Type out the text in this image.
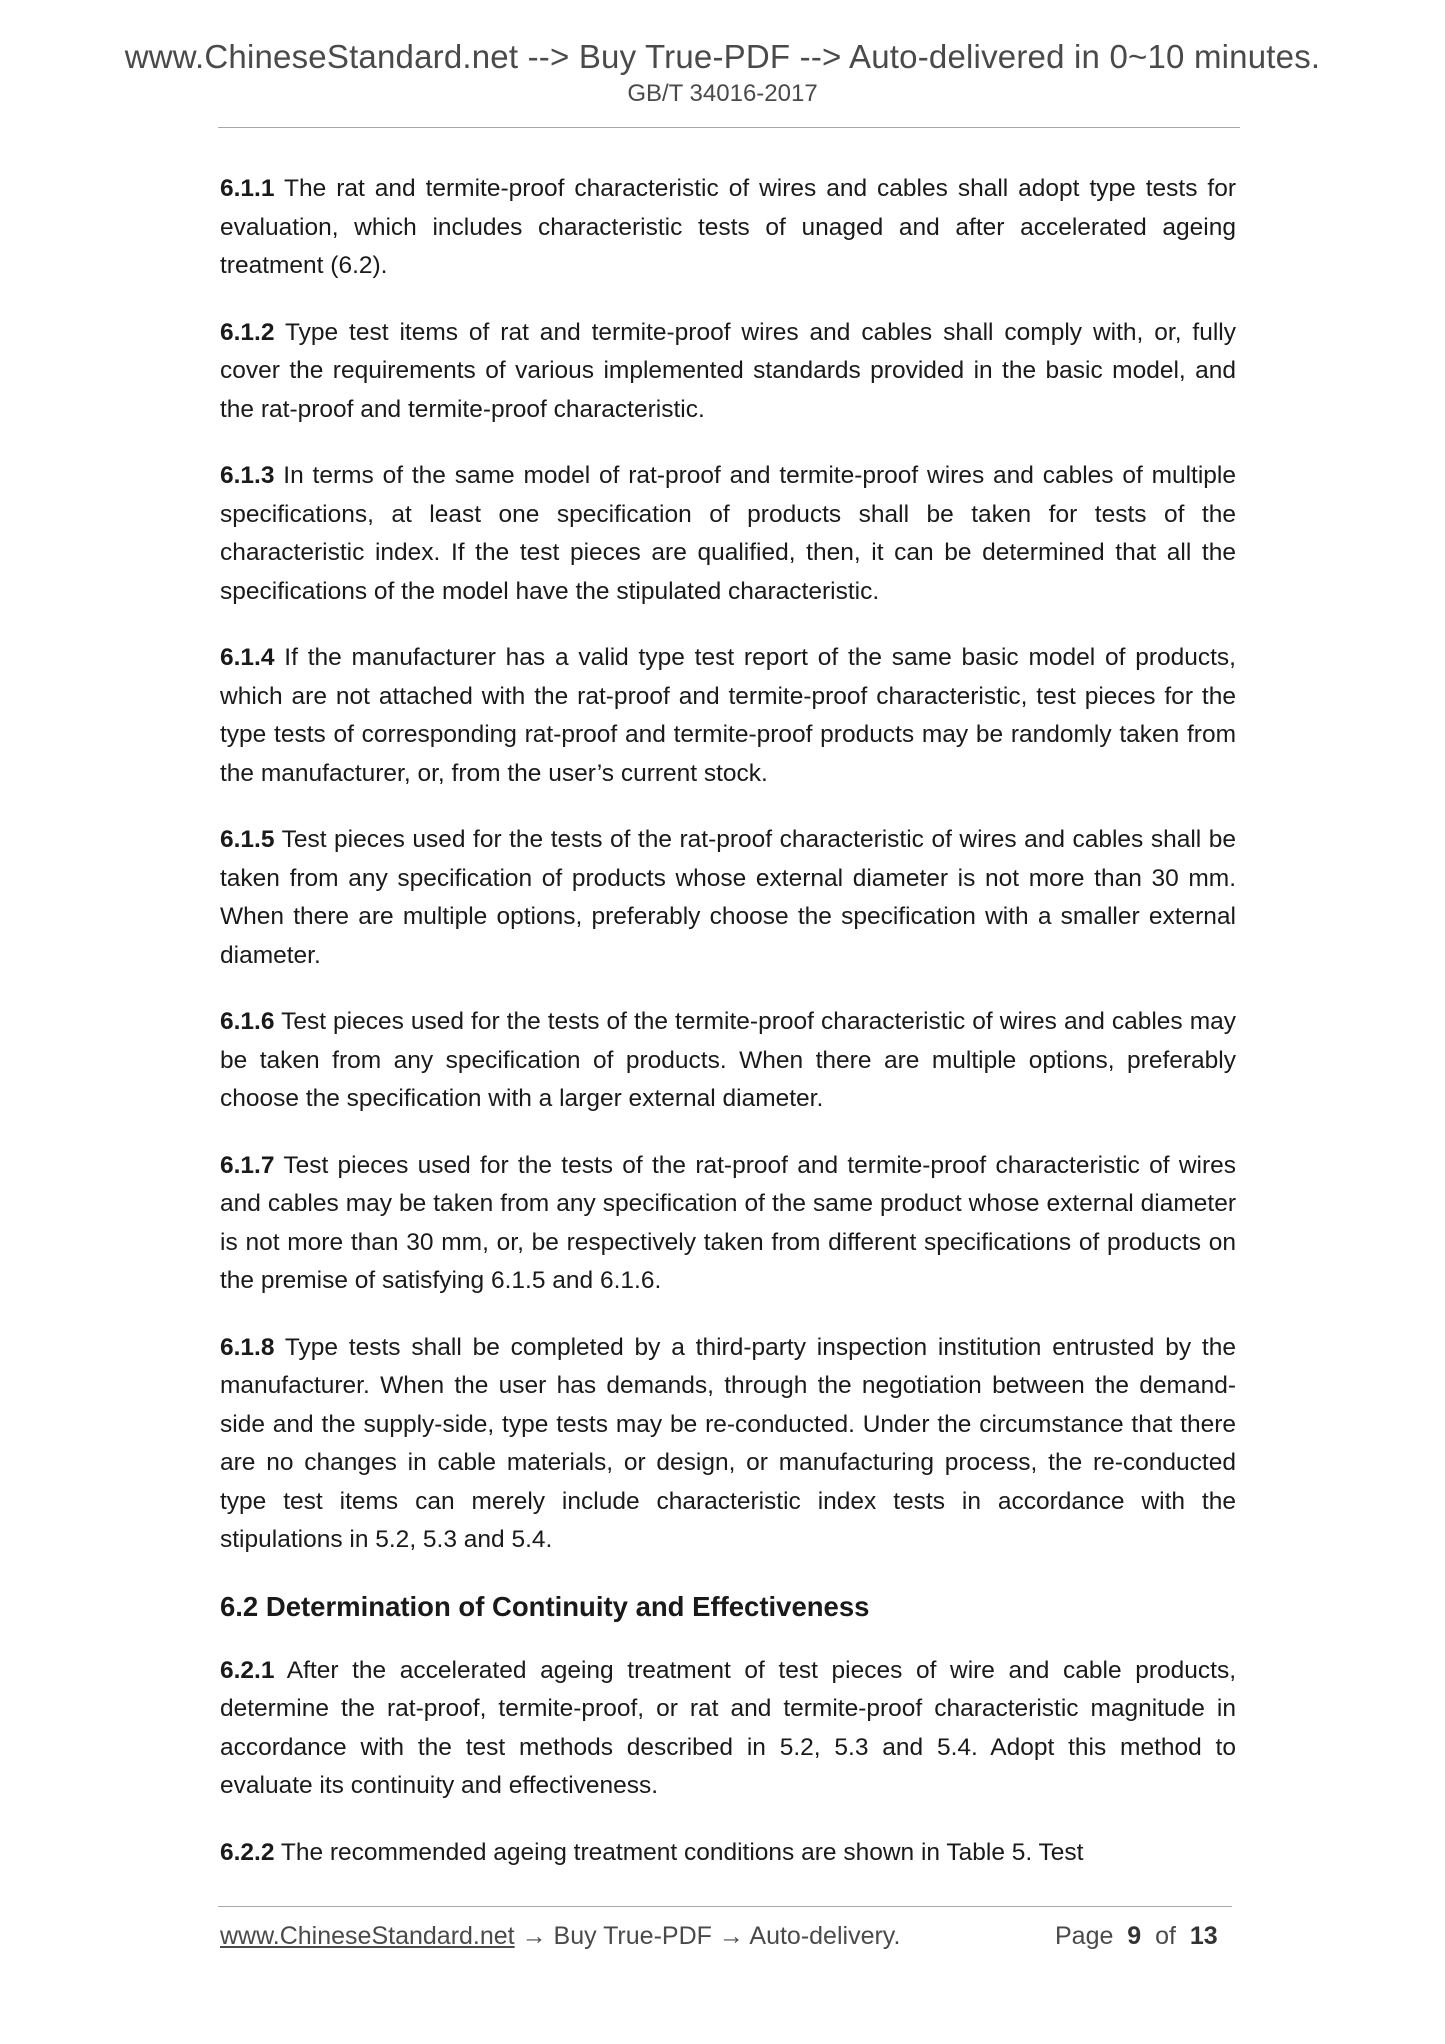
www.ChineseStandard.net --> Buy True-PDF --> Auto-delivered in 0~10 minutes.
GB/T 34016-2017

6.1.1 The rat and termite-proof characteristic of wires and cables shall adopt type tests for evaluation, which includes characteristic tests of unaged and after accelerated ageing treatment (6.2).

6.1.2 Type test items of rat and termite-proof wires and cables shall comply with, or, fully cover the requirements of various implemented standards provided in the basic model, and the rat-proof and termite-proof characteristic.

6.1.3 In terms of the same model of rat-proof and termite-proof wires and cables of multiple specifications, at least one specification of products shall be taken for tests of the characteristic index. If the test pieces are qualified, then, it can be determined that all the specifications of the model have the stipulated characteristic.

6.1.4 If the manufacturer has a valid type test report of the same basic model of products, which are not attached with the rat-proof and termite-proof characteristic, test pieces for the type tests of corresponding rat-proof and termite-proof products may be randomly taken from the manufacturer, or, from the user’s current stock.

6.1.5 Test pieces used for the tests of the rat-proof characteristic of wires and cables shall be taken from any specification of products whose external diameter is not more than 30 mm. When there are multiple options, preferably choose the specification with a smaller external diameter.

6.1.6 Test pieces used for the tests of the termite-proof characteristic of wires and cables may be taken from any specification of products. When there are multiple options, preferably choose the specification with a larger external diameter.

6.1.7 Test pieces used for the tests of the rat-proof and termite-proof characteristic of wires and cables may be taken from any specification of the same product whose external diameter is not more than 30 mm, or, be respectively taken from different specifications of products on the premise of satisfying 6.1.5 and 6.1.6.

6.1.8 Type tests shall be completed by a third-party inspection institution entrusted by the manufacturer. When the user has demands, through the negotiation between the demand-side and the supply-side, type tests may be re-conducted. Under the circumstance that there are no changes in cable materials, or design, or manufacturing process, the re-conducted type test items can merely include characteristic index tests in accordance with the stipulations in 5.2, 5.3 and 5.4.

6.2 Determination of Continuity and Effectiveness

6.2.1 After the accelerated ageing treatment of test pieces of wire and cable products, determine the rat-proof, termite-proof, or rat and termite-proof characteristic magnitude in accordance with the test methods described in 5.2, 5.3 and 5.4. Adopt this method to evaluate its continuity and effectiveness.

6.2.2 The recommended ageing treatment conditions are shown in Table 5. Test

www.ChineseStandard.net → Buy True-PDF → Auto-delivery.	Page 9 of 13
